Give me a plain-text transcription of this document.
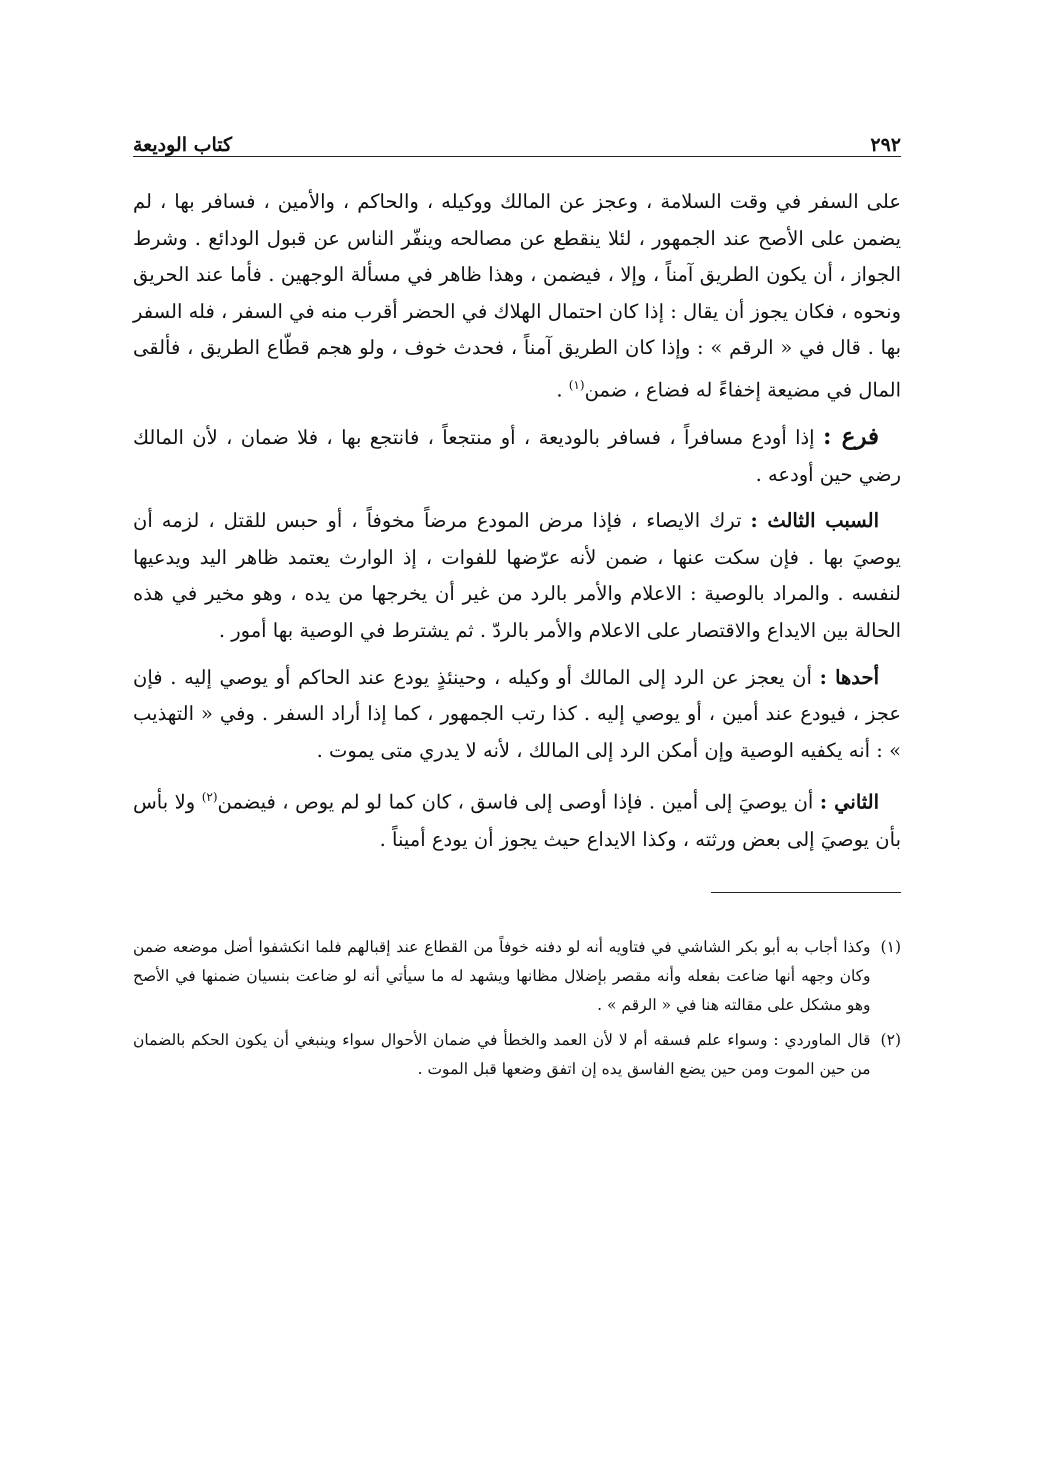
٢٩٢
كتاب الوديعة

على السفر في وقت السلامة ، وعجز عن المالك ووكيله ، والحاكم ، والأمين ، فسافر بها ، لم يضمن على الأصح عند الجمهور ، لئلا ينقطع عن مصالحه وينفّر الناس عن قبول الودائع . وشرط الجواز ، أن يكون الطريق آمناً ، وإلا ، فيضمن ، وهذا ظاهر في مسألة الوجهين . فأما عند الحريق ونحوه ، فكان يجوز أن يقال : إذا كان احتمال الهلاك في الحضر أقرب منه في السفر ، فله السفر بها . قال في « الرقم » : وإذا كان الطريق آمناً ، فحدث خوف ، ولو هجم قطّاع الطريق ، فألقى المال في مضيعة إخفاءً له فضاع ، ضمن$^{(١)}$ .

فرع : إذا أودع مسافراً ، فسافر بالوديعة ، أو منتجعاً ، فانتجع بها ، فلا ضمان ، لأن المالك رضي حين أودعه .

السبب الثالث : ترك الايصاء ، فإذا مرض المودع مرضاً مخوفاً ، أو حبس للقتل ، لزمه أن يوصيَ بها . فإن سكت عنها ، ضمن لأنه عرّضها للفوات ، إذ الوارث يعتمد ظاهر اليد ويدعيها لنفسه . والمراد بالوصية : الاعلام والأمر بالرد من غير أن يخرجها من يده ، وهو مخير في هذه الحالة بين الايداع والاقتصار على الاعلام والأمر بالردّ . ثم يشترط في الوصية بها أمور .

أحدها : أن يعجز عن الرد إلى المالك أو وكيله ، وحينئذٍ يودع عند الحاكم أو يوصي إليه . فإن عجز ، فيودع عند أمين ، أو يوصي إليه . كذا رتب الجمهور ، كما إذا أراد السفر . وفي « التهذيب » : أنه يكفيه الوصية وإن أمكن الرد إلى المالك ، لأنه لا يدري متى يموت .

الثاني : أن يوصيَ إلى أمين . فإذا أوصى إلى فاسق ، كان كما لو لم يوص ، فيضمن$^{(٢)}$ ولا بأس بأن يوصيَ إلى بعض ورثته ، وكذا الايداع حيث يجوز أن يودع أميناً .

(١)
وكذا أجاب به أبو بكر الشاشي في فتاويه أنه لو دفنه خوفاً من القطاع عند إقبالهم فلما انكشفوا أضل موضعه ضمن وكان وجهه أنها ضاعت بفعله وأنه مقصر بإضلال مظانها ويشهد له ما سيأتي أنه لو ضاعت بنسيان ضمنها في الأصح وهو مشكل على مقالته هنا في « الرقم » .
(٢)
قال الماوردي : وسواء علم فسقه أم لا لأن العمد والخطأ في ضمان الأحوال سواء وينبغي أن يكون الحكم بالضمان من حين الموت ومن حين يضع الفاسق يده إن اتفق وضعها قبل الموت .
